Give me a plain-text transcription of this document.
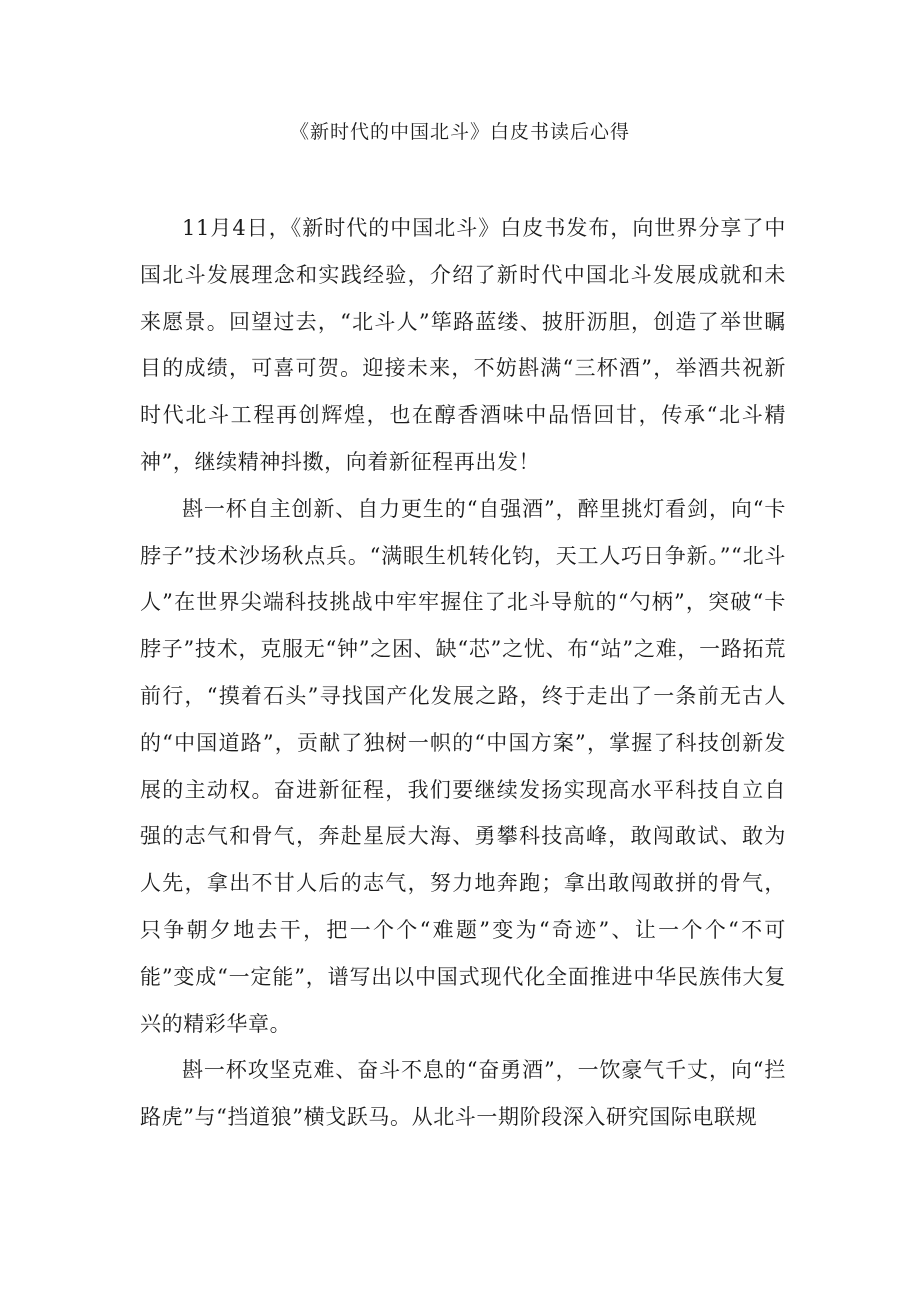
《新时代的中国北斗》白皮书读后心得

11月4日，《新时代的中国北斗》白皮书发布，向世界分享了中国北斗发展理念和实践经验，介绍了新时代中国北斗发展成就和未来愿景。回望过去，“北斗人”筚路蓝缕、披肝沥胆，创造了举世瞩目的成绩，可喜可贺。迎接未来，不妨斟满“三杯酒”，举酒共祝新时代北斗工程再创辉煌，也在醇香酒味中品悟回甘，传承“北斗精神”，继续精神抖擞，向着新征程再出发！

斟一杯自主创新、自力更生的“自强酒”，醉里挑灯看剑，向“卡脖子”技术沙场秋点兵。“满眼生机转化钧，天工人巧日争新。”“北斗人”在世界尖端科技挑战中牢牢握住了北斗导航的“勺柄”，突破“卡脖子”技术，克服无“钟”之困、缺“芯”之忧、布“站”之难，一路拓荒前行，“摸着石头”寻找国产化发展之路，终于走出了一条前无古人的“中国道路”，贡献了独树一帜的“中国方案”，掌握了科技创新发展的主动权。奋进新征程，我们要继续发扬实现高水平科技自立自强的志气和骨气，奔赴星辰大海、勇攀科技高峰，敢闯敢试、敢为人先，拿出不甘人后的志气，努力地奔跑；拿出敢闯敢拼的骨气，只争朝夕地去干，把一个个“难题”变为“奇迹”、让一个个“不可能”变成“一定能”，谱写出以中国式现代化全面推进中华民族伟大复兴的精彩华章。

斟一杯攻坚克难、奋斗不息的“奋勇酒”，一饮豪气千丈，向“拦路虎”与“挡道狼”横戈跃马。从北斗一期阶段深入研究国际电联规
